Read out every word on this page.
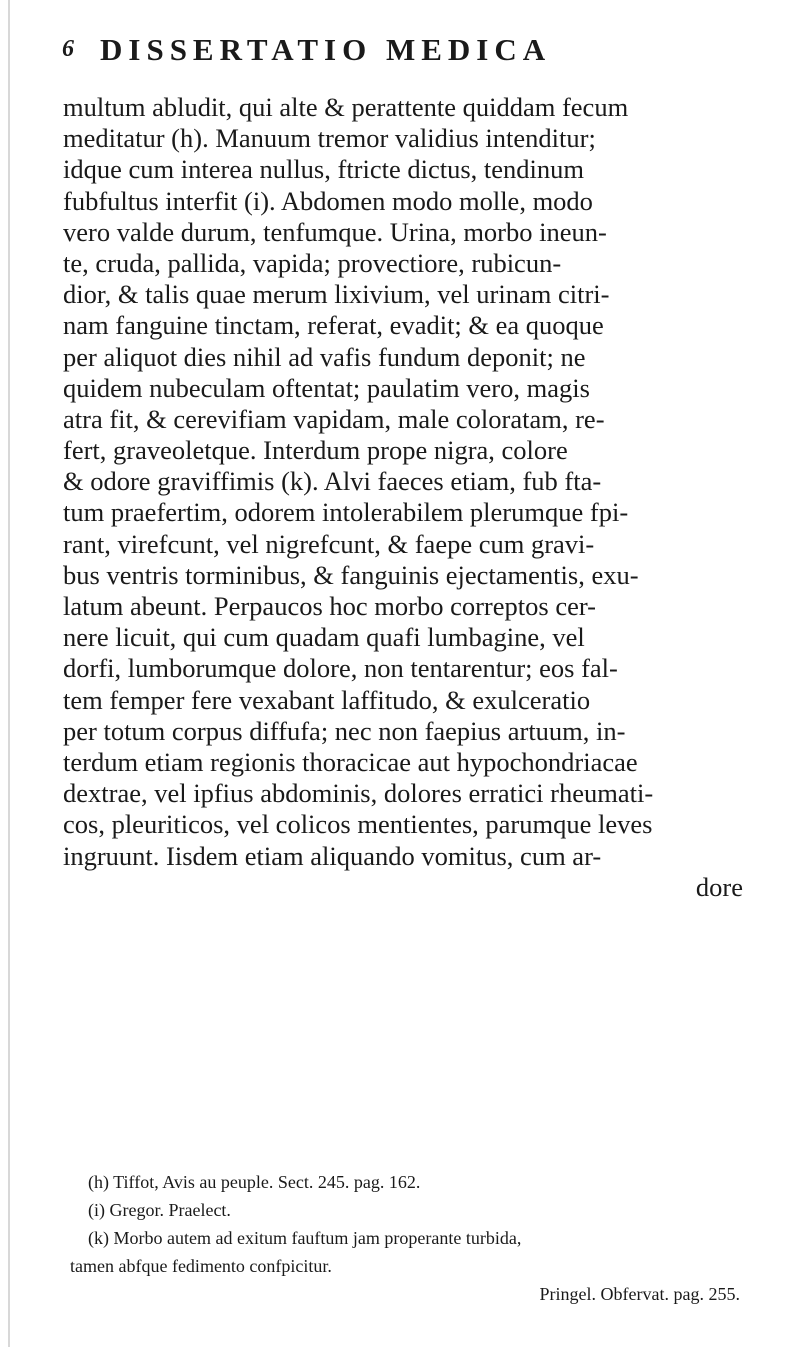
6 DISSERTATIO MEDICA
multum abludit, qui alte & perattente quiddam fecum
meditatur (h). Manuum tremor validius intenditur;
idque cum interea nullus, ftricte dictus, tendinum
fubfultus interfit (i). Abdomen modo molle, modo
vero valde durum, tenfumque. Urina, morbo ineun-
te, cruda, pallida, vapida; provectiore, rubicun-
dior, & talis quae merum lixivium, vel urinam citri-
nam fanguine tinctam, referat, evadit; & ea quoque
per aliquot dies nihil ad vafis fundum deponit; ne
quidem nubeculam oftentat; paulatim vero, magis
atra fit, & cerevifiam vapidam, male coloratam, re-
fert, graveoletque. Interdum prope nigra, colore
& odore graviffimis (k). Alvi faeces etiam, fub fta-
tum praefertim, odorem intolerabilem plerumque fpi-
rant, virefcunt, vel nigrefcunt, & faepe cum gravi-
bus ventris torminibus, & fanguinis ejectamentis, exu-
latum abeunt. Perpaucos hoc morbo correptos cer-
nere licuit, qui cum quadam quafi lumbagine, vel
dorfi, lumborumque dolore, non tentarentur; eos fal-
tem femper fere vexabant laffitudo, & exulceratio
per totum corpus diffufa; nec non faepius artuum, in-
terdum etiam regionis thoracicae aut hypochondriacae
dextrae, vel ipfius abdominis, dolores erratici rheumati-
cos, pleuriticos, vel colicos mentientes, parumque leves
ingruunt. Iisdem etiam aliquando vomitus, cum ar-
dore
(h) Tiffot, Avis au peuple. Sect. 245. pag. 162.
(i) Gregor. Praelect.
(k) Morbo autem ad exitum fauftum jam properante turbida,
tamen abfque fedimento confpicitur.
Pringel. Obfervat. pag. 255.
